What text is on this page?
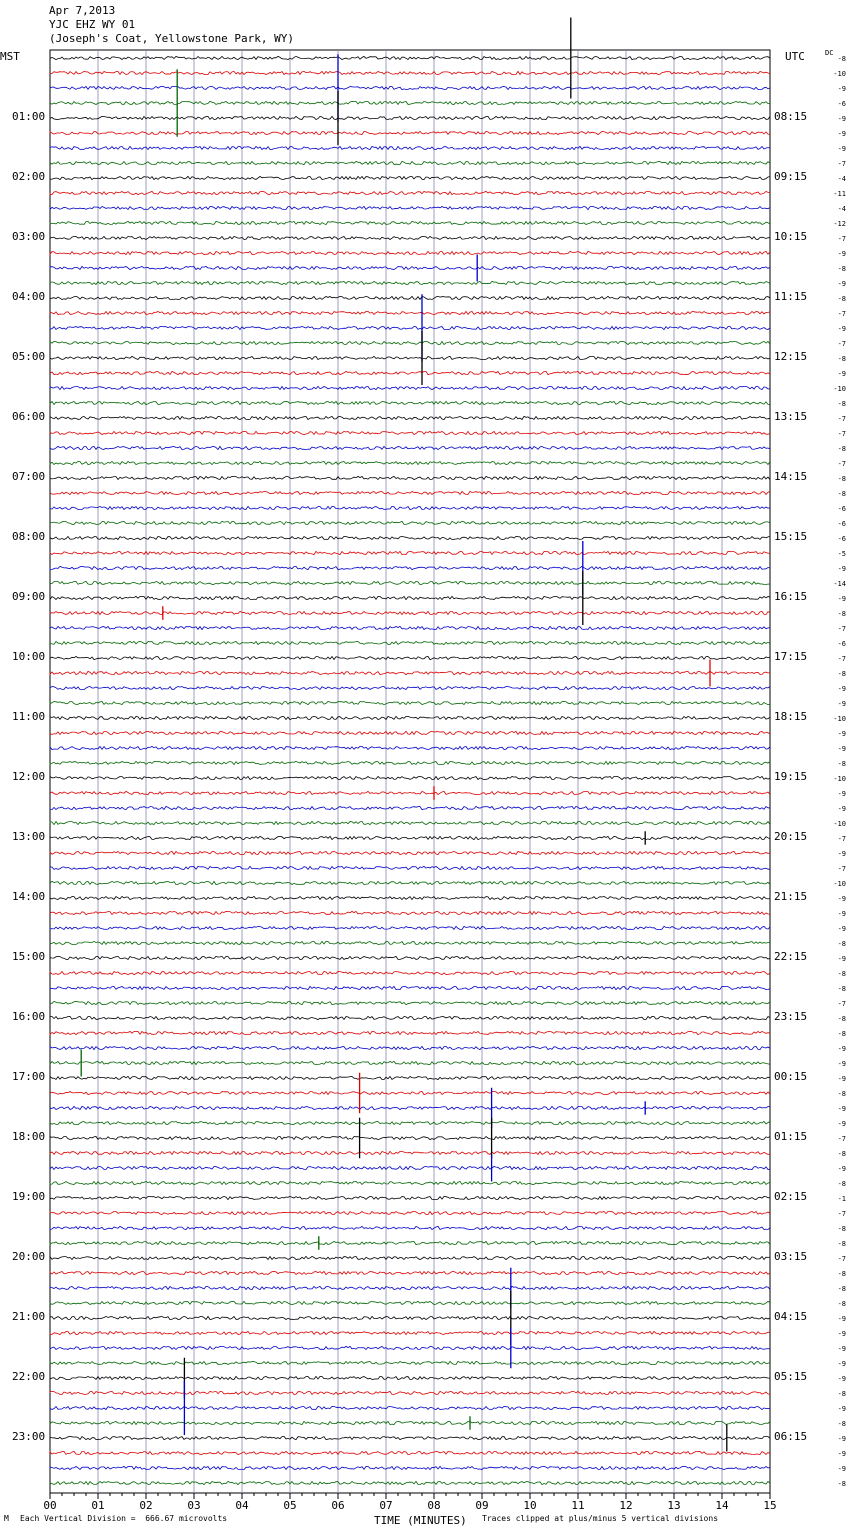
Apr 7,2013
YJC EHZ WY 01
(Joseph's Coat, Yellowstone Park, WY)
MST	UTC	DC
00	01	02	03	04	05	06	07	08	09	10	11	12	13	14	15
-8
-10
-9
-6
-9
-9
-9
-7
-4
-11
-4
-12
-7
-9
-8
-9
-8
-7
-9
-7
-8
-9
-10
-8
-7
-7
-8
-7
-8
-8
-6
-6
-6
-5
-9
-14
-9
-8
-7
-6
-7
-8
-9
-9
-10
-9
-9
-8
-10
-9
-9
-10
-7
-9
-7
-10
-9
-9
-9
-8
-9
-8
-8
-7
-8
-8
-9
-9
-9
-8
-9
-9
-7
-8
-9
-8
-1
-7
-8
-8
-7
-8
-8
-8
-9
-9
-9
-9
-9
-8
-9
-8
-9
-9
-9
-8
01:00
02:00
03:00
04:00
05:00
06:00
07:00
08:00
09:00
10:00
11:00
12:00
13:00
14:00
15:00
16:00
17:00
18:00
19:00
20:00
21:00
22:00
23:00
08:15
09:15
10:15
11:15
12:15
13:15
14:15
15:15
16:15
17:15
18:15
19:15
20:15
21:15
22:15
23:15
00:15
01:15
02:15
03:15
04:15
05:15
06:15
M Each Vertical Division =  666.67 microvolts	TIME (MINUTES) Traces clipped at plus/minus 5 vertical divisions
